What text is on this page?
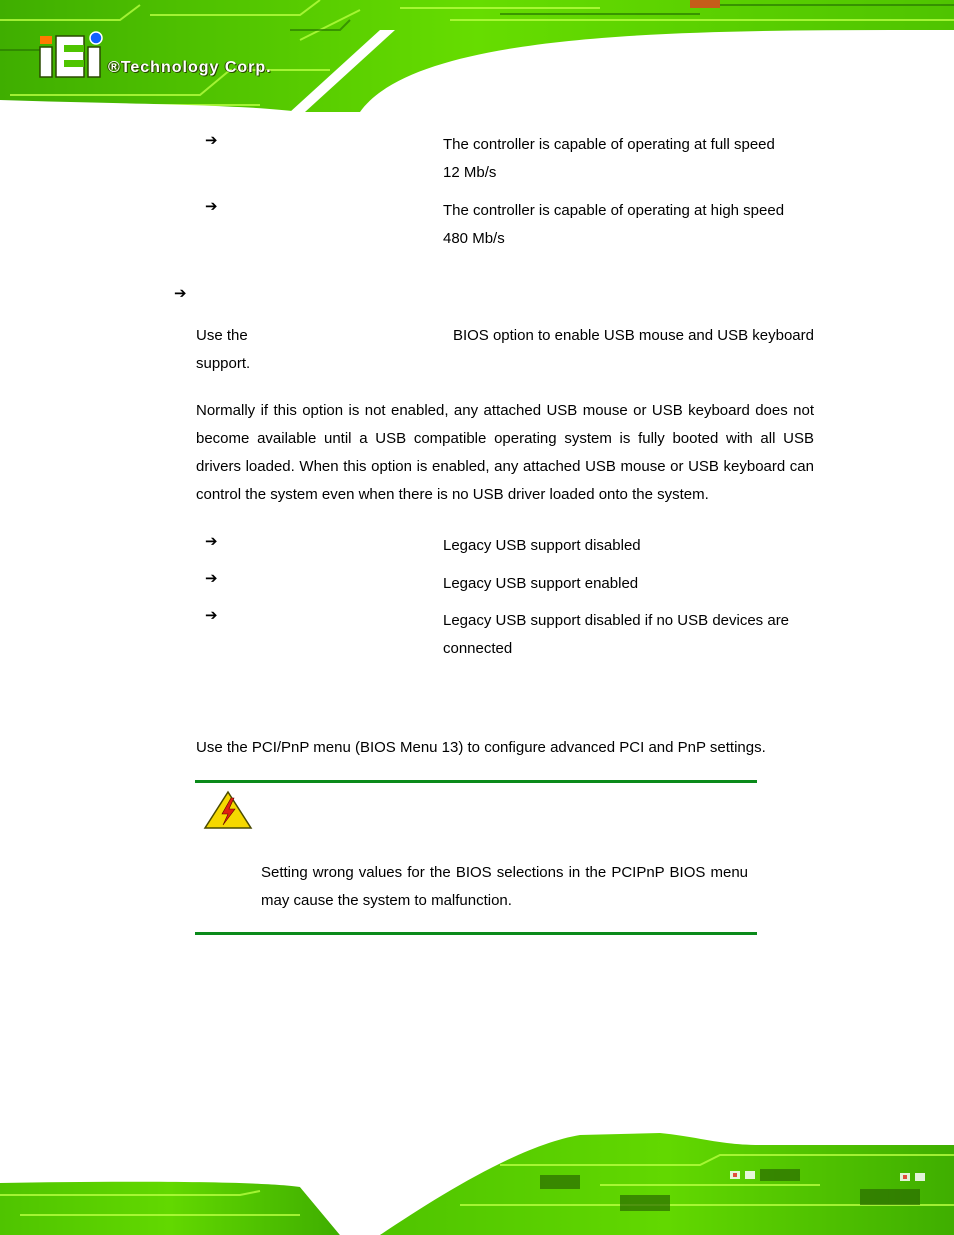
®Technology Corp.
➔	The controller is capable of operating at full speed
12 Mb/s
➔	The controller is capable of operating at high speed
480 Mb/s
➔
Use the	BIOS option to enable USB mouse and USB keyboard
support.
Normally if this option is not enabled, any attached USB mouse or USB keyboard does not become available until a USB compatible operating system is fully booted with all USB drivers loaded. When this option is enabled, any attached USB mouse or USB keyboard can control the system even when there is no USB driver loaded onto the system.
➔	Legacy USB support disabled
➔	Legacy USB support enabled
➔	Legacy USB support disabled if no USB devices are
connected
Use the PCI/PnP menu (BIOS Menu 13) to configure advanced PCI and PnP settings.
Setting wrong values for the BIOS selections in the PCIPnP BIOS menu may cause the system to malfunction.
